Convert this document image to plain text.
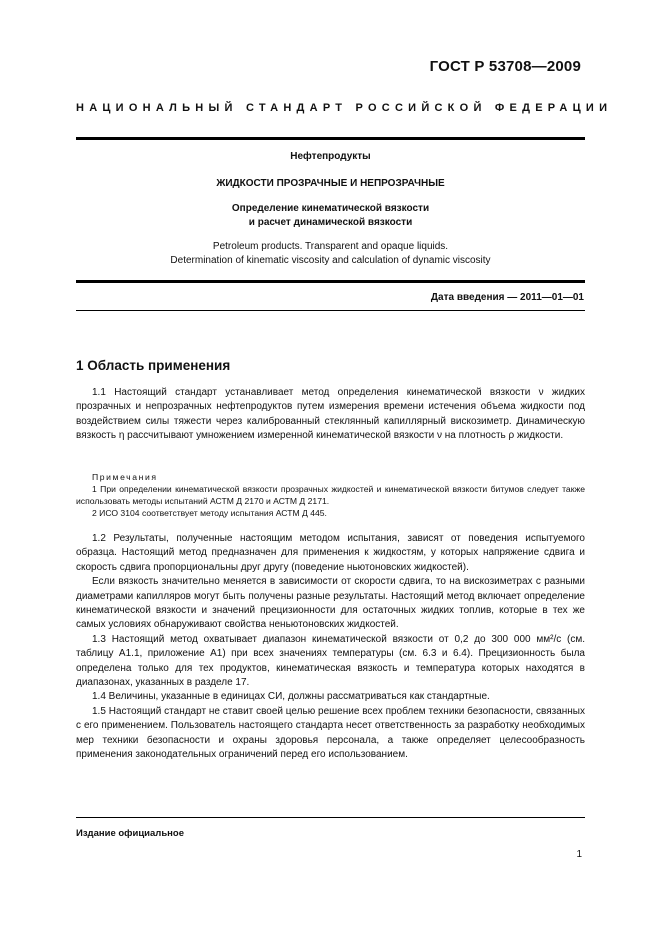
ГОСТ Р 53708—2009
НАЦИОНАЛЬНЫЙ СТАНДАРТ РОССИЙСКОЙ ФЕДЕРАЦИИ
Нефтепродукты
ЖИДКОСТИ ПРОЗРАЧНЫЕ И НЕПРОЗРАЧНЫЕ
Определение кинематической вязкости
и расчет динамической вязкости
Petroleum products. Transparent and opaque liquids.
Determination of kinematic viscosity and calculation of dynamic viscosity
Дата введения — 2011—01—01
1 Область применения

1.1 Настоящий стандарт устанавливает метод определения кинематической вязкости ν жидких прозрачных и непрозрачных нефтепродуктов путем измерения времени истечения объема жидкости под воздействием силы тяжести через калиброванный стеклянный капиллярный вискозиметр. Динамическую вязкость η рассчитывают умножением измеренной кинематической вязкости ν на плотность ρ жидкости.

Примечания

1 При определении кинематической вязкости прозрачных жидкостей и кинематической вязкости битумов следует также использовать методы испытаний АСТМ Д 2170 и АСТМ Д 2171.

2 ИСО 3104 соответствует методу испытания АСТМ Д 445.

1.2 Результаты, полученные настоящим методом испытания, зависят от поведения испытуемого образца. Настоящий метод предназначен для применения к жидкостям, у которых напряжение сдвига и скорость сдвига пропорциональны друг другу (поведение ньютоновских жидкостей).

Если вязкость значительно меняется в зависимости от скорости сдвига, то на вискозиметрах с разными диаметрами капилляров могут быть получены разные результаты. Настоящий метод включает определение кинематической вязкости и значений прецизионности для остаточных жидких топлив, которые в тех же самых условиях обнаруживают свойства неньютоновских жидкостей.

1.3 Настоящий метод охватывает диапазон кинематической вязкости от 0,2 до 300 000 мм²/с (см. таблицу А1.1, приложение А1) при всех значениях температуры (см. 6.3 и 6.4). Прецизионность была определена только для тех продуктов, кинематическая вязкость и температура которых находятся в диапазонах, указанных в разделе 17.

1.4 Величины, указанные в единицах СИ, должны рассматриваться как стандартные.

1.5 Настоящий стандарт не ставит своей целью решение всех проблем техники безопасности, связанных с его применением. Пользователь настоящего стандарта несет ответственность за разработку необходимых мер техники безопасности и охраны здоровья персонала, а также определяет целесообразность применения законодательных ограничений перед его использованием.

Издание официальное
1
